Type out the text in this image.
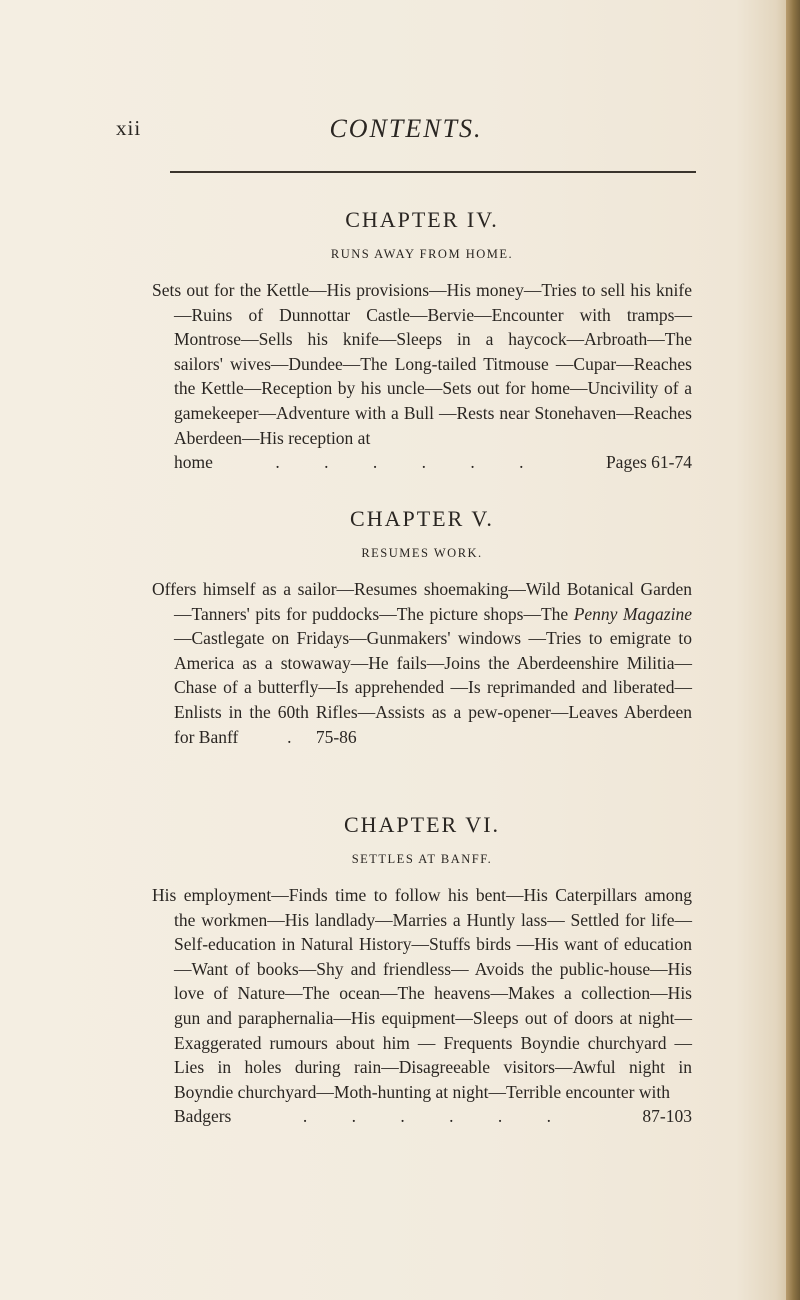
xii	CONTENTS.
CHAPTER IV.
RUNS AWAY FROM HOME.
Sets out for the Kettle—His provisions—His money—Tries to sell his knife—Ruins of Dunnottar Castle—Bervie—Encounter with tramps—Montrose—Sells his knife—Sleeps in a haycock—Arbroath—The sailors' wives—Dundee—The Long-tailed Titmouse —Cupar—Reaches the Kettle—Reception by his uncle—Sets out for home—Uncivility of a gamekeeper—Adventure with a Bull —Rests near Stonehaven—Reaches Aberdeen—His reception at
home	. . . . . .	Pages 61-74
CHAPTER V.
RESUMES WORK.
Offers himself as a sailor—Resumes shoemaking—Wild Botanical Garden—Tanners' pits for puddocks—The picture shops—The Penny Magazine—Castlegate on Fridays—Gunmakers' windows —Tries to emigrate to America as a stowaway—He fails—Joins the Aberdeenshire Militia—Chase of a butterfly—Is apprehended —Is reprimanded and liberated—Enlists in the 60th Rifles—Assists as a pew-opener—Leaves Aberdeen for Banff	. 75-86
CHAPTER VI.
SETTLES AT BANFF.
His employment—Finds time to follow his bent—His Caterpillars among the workmen—His landlady—Marries a Huntly lass— Settled for life—Self-education in Natural History—Stuffs birds —His want of education—Want of books—Shy and friendless— Avoids the public-house—His love of Nature—The ocean—The heavens—Makes a collection—His gun and paraphernalia—His equipment—Sleeps out of doors at night—Exaggerated rumours about him — Frequents Boyndie churchyard — Lies in holes during rain—Disagreeable visitors—Awful night in Boyndie churchyard—Moth-hunting at night—Terrible encounter with
Badgers	. . . . . .	87-103
